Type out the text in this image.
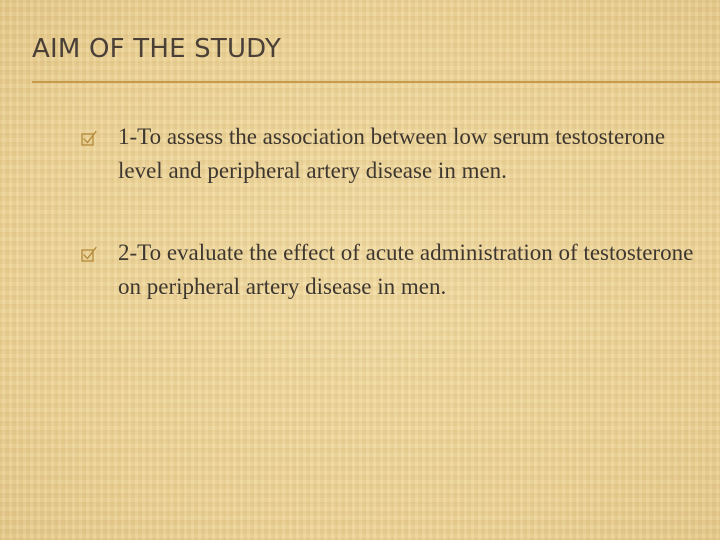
AIM OF THE STUDY
1-To assess the association between low serum testosterone level and peripheral artery disease in men.
2-To evaluate the effect of acute administration of testosterone on peripheral artery disease in men.
